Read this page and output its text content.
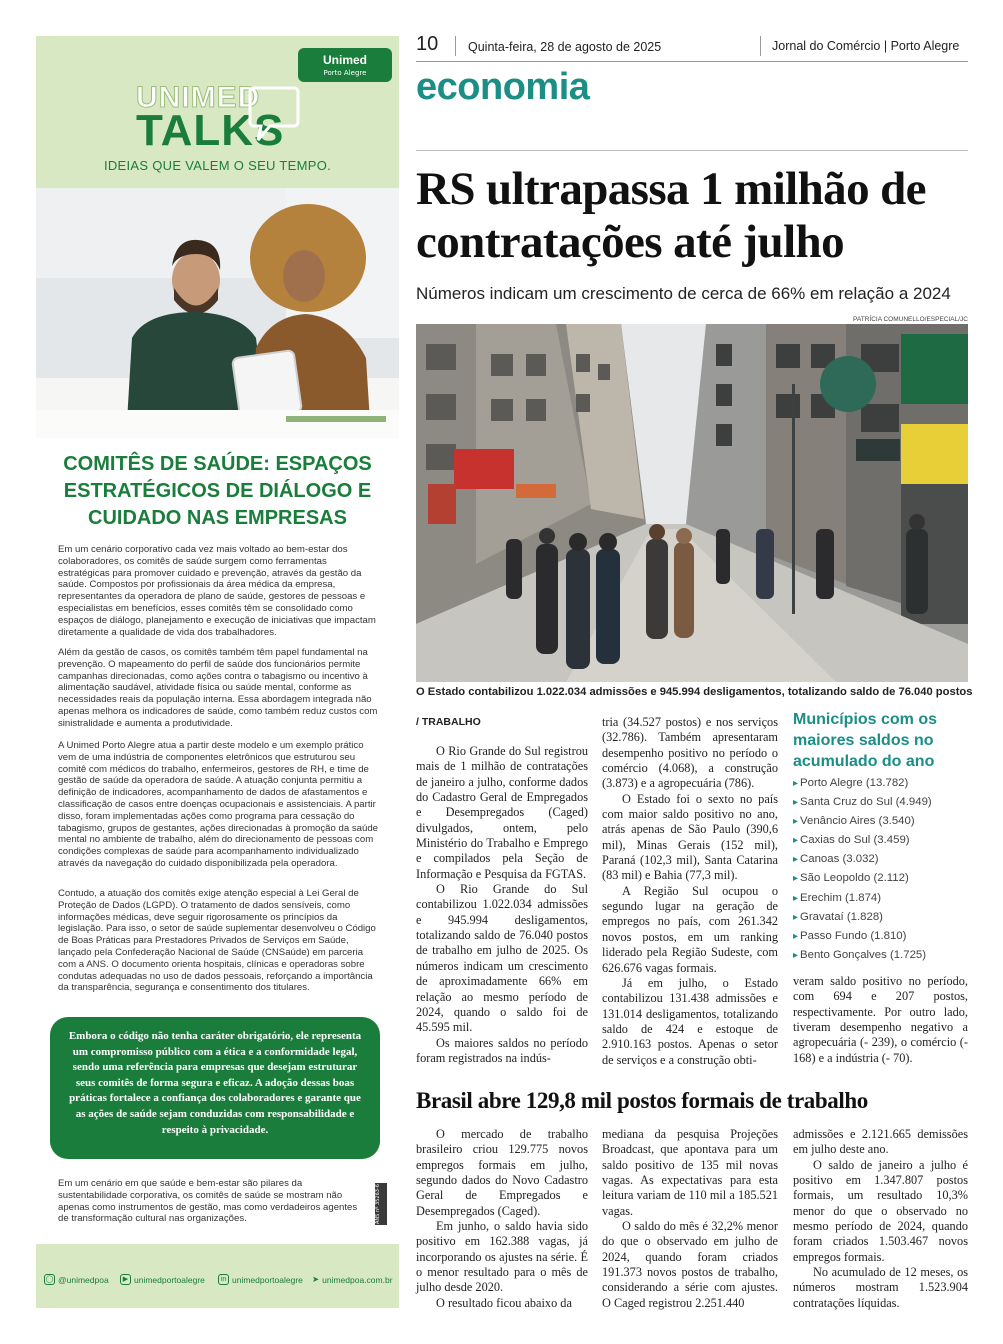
Unimed
Porto Alegre
UNIMED
TALKS
IDEIAS QUE VALEM O SEU TEMPO.
COMITÊS DE SAÚDE: ESPAÇOS ESTRATÉGICOS DE DIÁLOGO E CUIDADO NAS EMPRESAS
Em um cenário corporativo cada vez mais voltado ao bem-estar dos colaboradores, os comitês de saúde surgem como ferramentas estratégicas para promover cuidado e prevenção, através da gestão da saúde. Compostos por profissionais da área médica da empresa, representantes da operadora de plano de saúde, gestores de pessoas e especialistas em benefícios, esses comitês têm se consolidado como espaços de diálogo, planejamento e execução de iniciativas que impactam diretamente a qualidade de vida dos trabalhadores.
Além da gestão de casos, os comitês também têm papel fundamental na prevenção. O mapeamento do perfil de saúde dos funcionários permite campanhas direcionadas, como ações contra o tabagismo ou incentivo à alimentação saudável, atividade física ou saúde mental, conforme as necessidades reais da população interna. Essa abordagem integrada não apenas melhora os indicadores de saúde, como também reduz custos com sinistralidade e aumenta a produtividade.
A Unimed Porto Alegre atua a partir deste modelo e um exemplo prático vem de uma indústria de componentes eletrônicos que estruturou seu comitê com médicos do trabalho, enfermeiros, gestores de RH, e time de gestão de saúde da operadora de saúde. A atuação conjunta permitiu a definição de indicadores, acompanhamento de dados de afastamentos e classificação de casos entre doenças ocupacionais e assistenciais. A partir disso, foram implementadas ações como programa para cessação do tabagismo, grupos de gestantes, ações direcionadas à promoção da saúde mental no ambiente de trabalho, além do direcionamento de pessoas com condições complexas de saúde para acompanhamento individualizado através da navegação do cuidado disponibilizada pela operadora.
Contudo, a atuação dos comitês exige atenção especial à Lei Geral de Proteção de Dados (LGPD). O tratamento de dados sensíveis, como informações médicas, deve seguir rigorosamente os princípios da legislação. Para isso, o setor de saúde suplementar desenvolveu o Código de Boas Práticas para Prestadores Privados de Serviços em Saúde, lançado pela Confederação Nacional de Saúde (CNSaúde) em parceria com a ANS. O documento orienta hospitais, clínicas e operadoras sobre condutas adequadas no uso de dados pessoais, reforçando a importância da transparência, segurança e consentimento dos titulares.
Embora o código não tenha caráter obrigatório, ele representa um compromisso público com a ética e a conformidade legal, sendo uma referência para empresas que desejam estruturar seus comitês de forma segura e eficaz. A adoção dessas boas práticas fortalece a confiança dos colaboradores e garante que as ações de saúde sejam conduzidas com responsabilidade e respeito à privacidade.
Em um cenário em que saúde e bem-estar são pilares da sustentabilidade corporativa, os comitês de saúde se mostram não apenas como instrumentos de gestão, mas como verdadeiros agentes de transformação cultural nas organizações.	ANS nº 35263-6
◯ @unimedpoa	▶ unimedportoalegre	in unimedportoalegre ➤ unimedpoa.com.br
10 Quinta-feira, 28 de agosto de 2025	Jornal do Comércio | Porto Alegre
economia
RS ultrapassa 1 milhão de contratações até julho
Números indicam um crescimento de cerca de 66% em relação a 2024
PATRÍCIA COMUNELLO/ESPECIAL/JC
O Estado contabilizou 1.022.034 admissões e 945.994 desligamentos, totalizando saldo de 76.040 postos
/ TRABALHO

O Rio Grande do Sul registrou mais de 1 milhão de contratações de janeiro a julho, conforme dados do Cadastro Geral de Empregados e Desempregados (Caged) divulgados, ontem, pelo Ministério do Trabalho e Emprego e compilados pela Seção de Informação e Pesquisa da FGTAS.

O Rio Grande do Sul contabilizou 1.022.034 admissões e 945.994 desligamentos, totalizando saldo de 76.040 postos de trabalho em julho de 2025. Os números indicam um crescimento de aproximadamente 66% em relação ao mesmo período de 2024, quando o saldo foi de 45.595 mil.

Os maiores saldos no período foram registrados na indús-

tria (34.527 postos) e nos serviços (32.786). Também apresentaram desempenho positivo no período o comércio (4.068), a construção (3.873) e a agropecuária (786).

O Estado foi o sexto no país com maior saldo positivo no ano, atrás apenas de São Paulo (390,6 mil), Minas Gerais (152 mil), Paraná (102,3 mil), Santa Catarina (83 mil) e Bahia (77,3 mil).

A Região Sul ocupou o segundo lugar na geração de empregos no país, com 261.342 novos postos, em um ranking liderado pela Região Sudeste, com 626.676 vagas formais.

Já em julho, o Estado contabilizou 131.438 admissões e 131.014 desligamentos, totalizando saldo de 424 e estoque de 2.910.163 postos. Apenas o setor de serviços e a construção obti-

Municípios com os maiores saldos no acumulado do ano
▸ Porto Alegre (13.782)
▸ Santa Cruz do Sul (4.949)
▸ Venâncio Aires (3.540)
▸ Caxias do Sul (3.459)
▸ Canoas (3.032)
▸ São Leopoldo (2.112)
▸ Erechim (1.874)
▸ Gravataí (1.828)
▸ Passo Fundo (1.810)
▸ Bento Gonçalves (1.725)

veram saldo positivo no período, com 694 e 207 postos, respectivamente. Por outro lado, tiveram desempenho negativo a agropecuária (- 239), o comércio (- 168) e a indústria (- 70).

Brasil abre 129,8 mil postos formais de trabalho

O mercado de trabalho brasileiro criou 129.775 novos empregos formais em julho, segundo dados do Novo Cadastro Geral de Empregados e Desempregados (Caged).

Em junho, o saldo havia sido positivo em 162.388 vagas, já incorporando os ajustes na série. É o menor resultado para o mês de julho desde 2020.

O resultado ficou abaixo da

mediana da pesquisa Projeções Broadcast, que apontava para um saldo positivo de 135 mil novas vagas. As expectativas para esta leitura variam de 110 mil a 185.521 vagas.

O saldo do mês é 32,2% menor do que o observado em julho de 2024, quando foram criados 191.373 novos postos de trabalho, considerando a série com ajustes. O Caged registrou 2.251.440

admissões e 2.121.665 demissões em julho deste ano.

O saldo de janeiro a julho é positivo em 1.347.807 postos formais, um resultado 10,3% menor do que o observado no mesmo período de 2024, quando foram criados 1.503.467 novos empregos formais.

No acumulado de 12 meses, os números mostram 1.523.904 contratações líquidas.
